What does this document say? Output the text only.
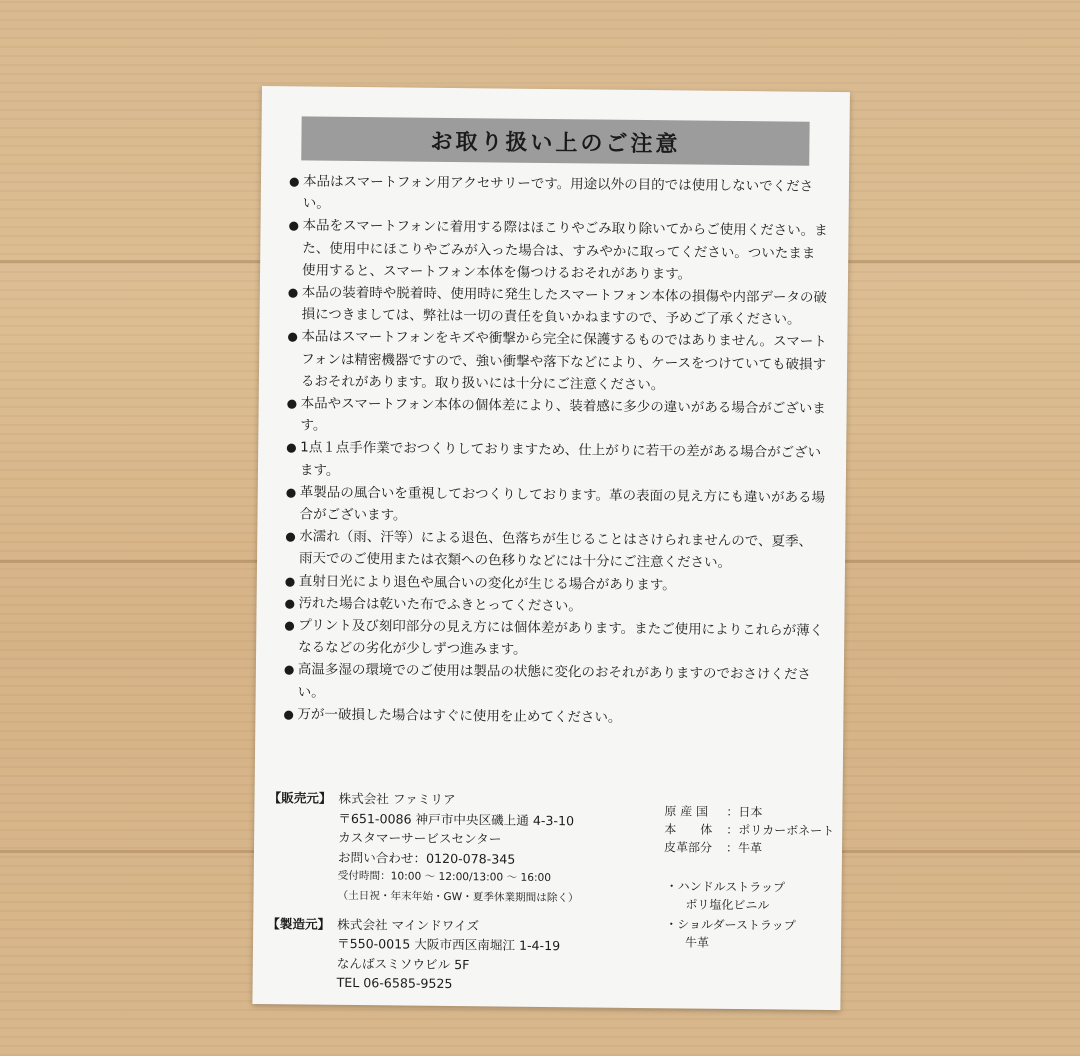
お取り扱い上のご注意
● 本品はスマートフォン用アクセサリーです。用途以外の目的では使用しないでください。
● 本品をスマートフォンに着用する際はほこりやごみ取り除いてからご使用ください。また、使用中にほこりやごみが入った場合は、すみやかに取ってください。ついたまま使用すると、スマートフォン本体を傷つけるおそれがあります。
● 本品の装着時や脱着時、使用時に発生したスマートフォン本体の損傷や内部データの破損につきましては、弊社は一切の責任を負いかねますので、予めご了承ください。
● 本品はスマートフォンをキズや衝撃から完全に保護するものではありません。スマートフォンは精密機器ですので、強い衝撃や落下などにより、ケースをつけていても破損するおそれがあります。取り扱いには十分にご注意ください。
● 本品やスマートフォン本体の個体差により、装着感に多少の違いがある場合がございます。
● 1点１点手作業でおつくりしておりますため、仕上がりに若干の差がある場合がございます。
● 革製品の風合いを重視しておつくりしております。革の表面の見え方にも違いがある場合がございます。
● 水濡れ（雨、汗等）による退色、色落ちが生じることはさけられませんので、夏季、雨天でのご使用または衣類への色移りなどには十分にご注意ください。
● 直射日光により退色や風合いの変化が生じる場合があります。
● 汚れた場合は乾いた布でふきとってください。
● プリント及び刻印部分の見え方には個体差があります。またご使用によりこれらが薄くなるなどの劣化が少しずつ進みます。
● 高温多湿の環境でのご使用は製品の状態に変化のおそれがありますのでおさけください。
● 万が一破損した場合はすぐに使用を止めてください。
【販売元】 株式会社 ファミリア
〒651-0086 神戸市中央区磯上通 4-3-10
カスタマーサービスセンター
お問い合わせ：0120-078-345
受付時間：10:00 ～ 12:00/13:00 ～ 16:00
（土日祝・年末年始・GW・夏季休業期間は除く）
【製造元】 株式会社 マインドワイズ
〒550-0015 大阪市西区南堀江 1-4-19
なんばスミソウビル 5F
TEL 06-6585-9525
原 産 国	： 日本
本　　体	： ポリカーボネート
皮革部分	： 牛革
・ハンドルストラップ
ポリ塩化ビニル
・ショルダーストラップ
牛革
